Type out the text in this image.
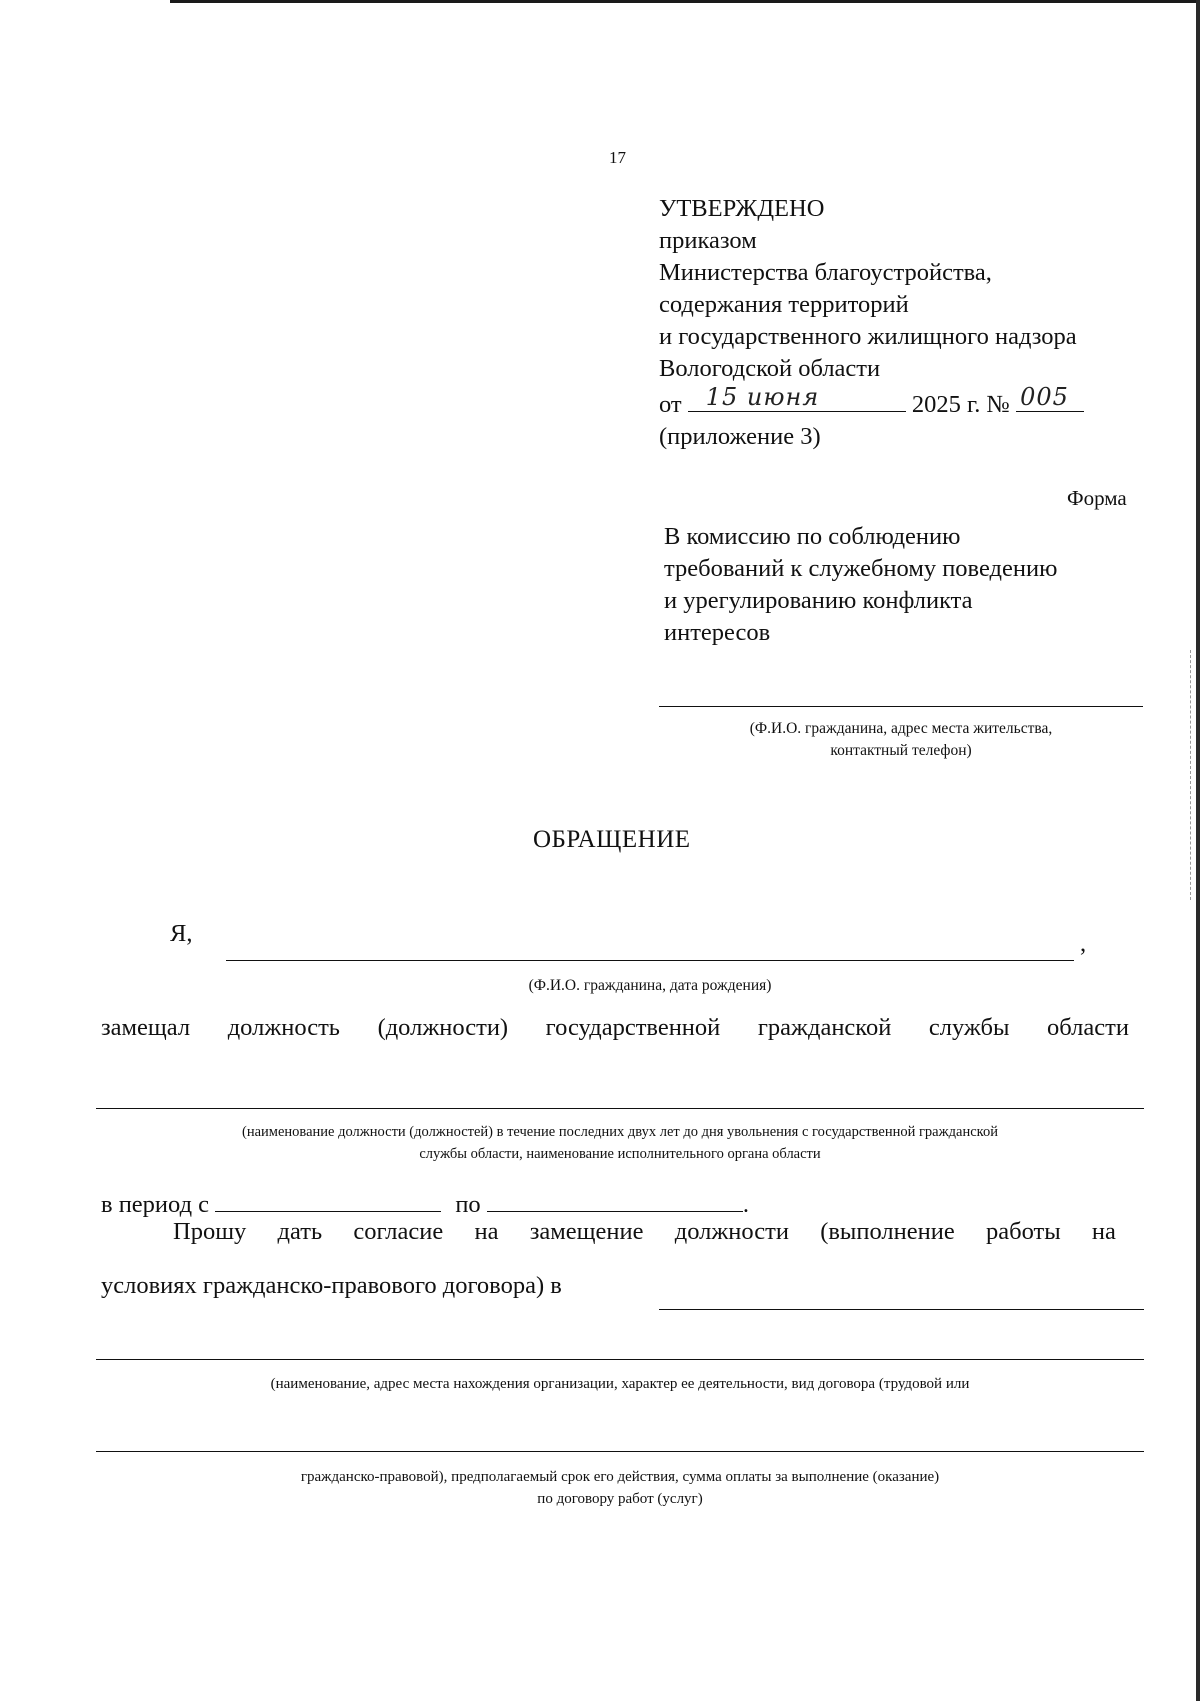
17
УТВЕРЖДЕНО
приказом
Министерства благоустройства,
содержания территорий
и государственного жилищного надзора
Вологодской области
от 15 июня	2025 г. № 005
(приложение 3)
Форма
В комиссию по соблюдению
требований к служебному поведению
и урегулированию конфликта
интересов
(Ф.И.О. гражданина, адрес места жительства,
контактный телефон)
ОБРАЩЕНИЕ
Я,	,
(Ф.И.О. гражданина, дата рождения)
замещал должность (должности) государственной гражданской службы области
(наименование должности (должностей) в течение последних двух лет до дня увольнения с государственной гражданской
службы области, наименование исполнительного органа области
в период с	по	.
Прошу дать согласие на замещение должности (выполнение работы на
условиях гражданско-правового договора) в
(наименование, адрес места нахождения организации, характер ее деятельности, вид договора (трудовой или
гражданско-правовой), предполагаемый срок его действия, сумма оплаты за выполнение (оказание)
по договору работ (услуг)
